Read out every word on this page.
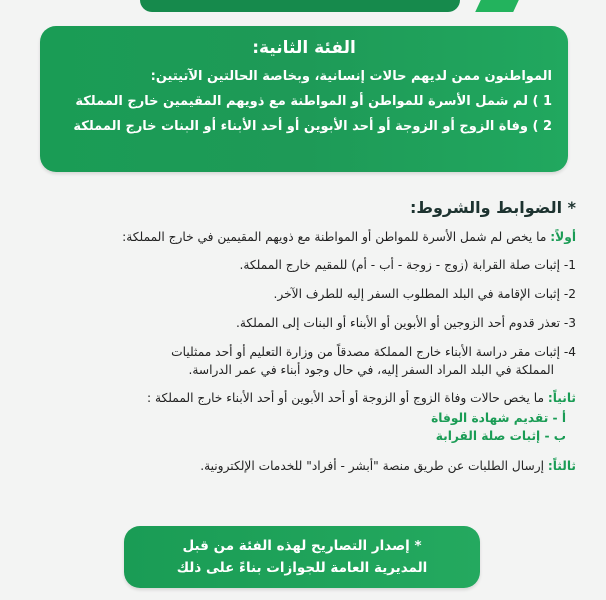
الفئة الثانية:
المواطنون ممن لديهم حالات إنسانية، وبخاصة الحالتين الآتيتين:
1 ) لم شمل الأسرة للمواطن أو المواطنة مع ذويهم المقيمين خارج المملكة
2 ) وفاة الزوج أو الزوجة أو أحد الأبوين أو أحد الأبناء أو البنات خارج المملكة
* الضوابط والشروط:
أولاً: ما يخص لم شمل الأسرة للمواطن أو المواطنة مع ذويهم المقيمين في خارج المملكة:
1- إثبات صلة القرابة (زوج - زوجة - أب - أم) للمقيم خارج المملكة.
2- إثبات الإقامة في البلد المطلوب السفر إليه للطرف الآخر.
3- تعذر قدوم أحد الزوجين أو الأبوين أو الأبناء أو البنات إلى المملكة.
4- إثبات مقر دراسة الأبناء خارج المملكة مصدقاً من وزارة التعليم أو أحد ممثليات
المملكة في البلد المراد السفر إليه، في حال وجود أبناء في عمر الدراسة.
ثانياً: ما يخص حالات وفاة الزوج أو الزوجة أو أحد الأبوين أو أحد الأبناء خارج المملكة :
أ - تقديم شهادة الوفاة
ب - إثبات صلة القرابة
ثالثاً: إرسال الطلبات عن طريق منصة "أبشر - أفراد" للخدمات الإلكترونية.
* إصدار التصاريح لهذه الفئة من قبل
المديرية العامة للجوازات بناءً على ذلك
